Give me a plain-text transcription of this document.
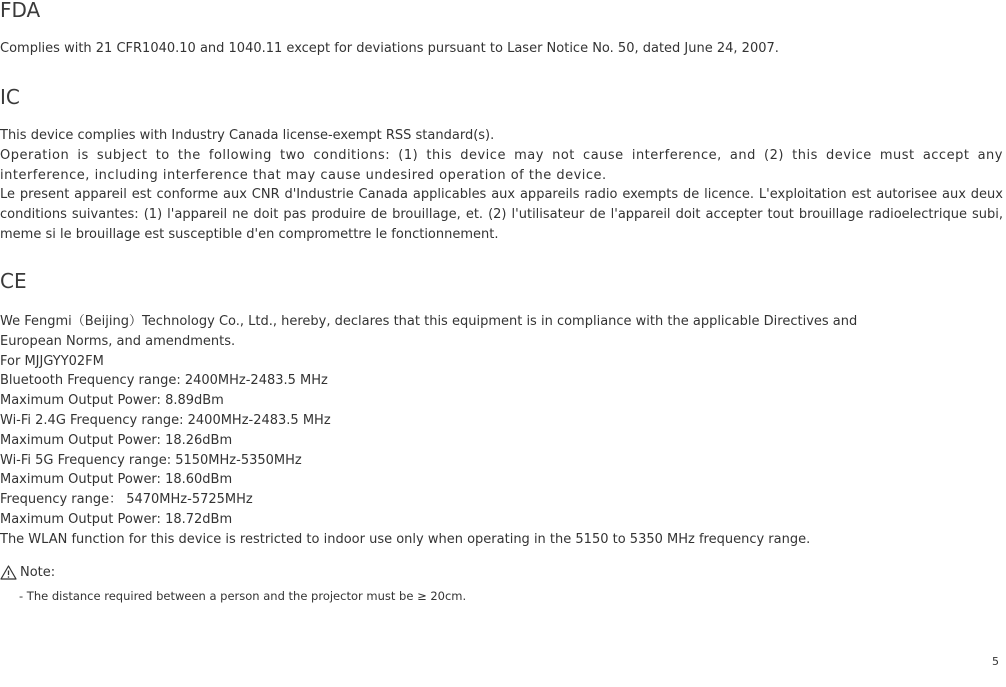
FDA

Complies with 21 CFR1040.10 and 1040.11 except for deviations pursuant to Laser Notice No. 50, dated June 24, 2007.

IC

This device complies with Industry Canada license-exempt RSS standard(s).

Operation is subject to the following two conditions: (1) this device may not cause interference, and (2) this device must accept any interference, including interference that may cause undesired operation of the device.

Le present appareil est conforme aux CNR d'Industrie Canada applicables aux appareils radio exempts de licence. L'exploitation est autorisee aux deux conditions suivantes: (1) l'appareil ne doit pas produire de brouillage, et. (2) l'utilisateur de l'appareil doit accepter tout brouillage radioelectrique subi, meme si le brouillage est susceptible d'en compromettre le fonctionnement.

CE
We Fengmi（Beijing）Technology Co., Ltd., hereby, declares that this equipment is in compliance with the applicable Directives and
European Norms, and amendments.
For MJJGYY02FM
Bluetooth Frequency range: 2400MHz-2483.5 MHz
Maximum Output Power: 8.89dBm
Wi-Fi 2.4G Frequency range: 2400MHz-2483.5 MHz
Maximum Output Power: 18.26dBm
Wi-Fi 5G Frequency range: 5150MHz-5350MHz
Maximum Output Power: 18.60dBm
Frequency range： 5470MHz-5725MHz
Maximum Output Power: 18.72dBm
The WLAN function for this device is restricted to indoor use only when operating in the 5150 to 5350 MHz frequency range.
Note:
- The distance required between a person and the projector must be ≥ 20cm.
5
